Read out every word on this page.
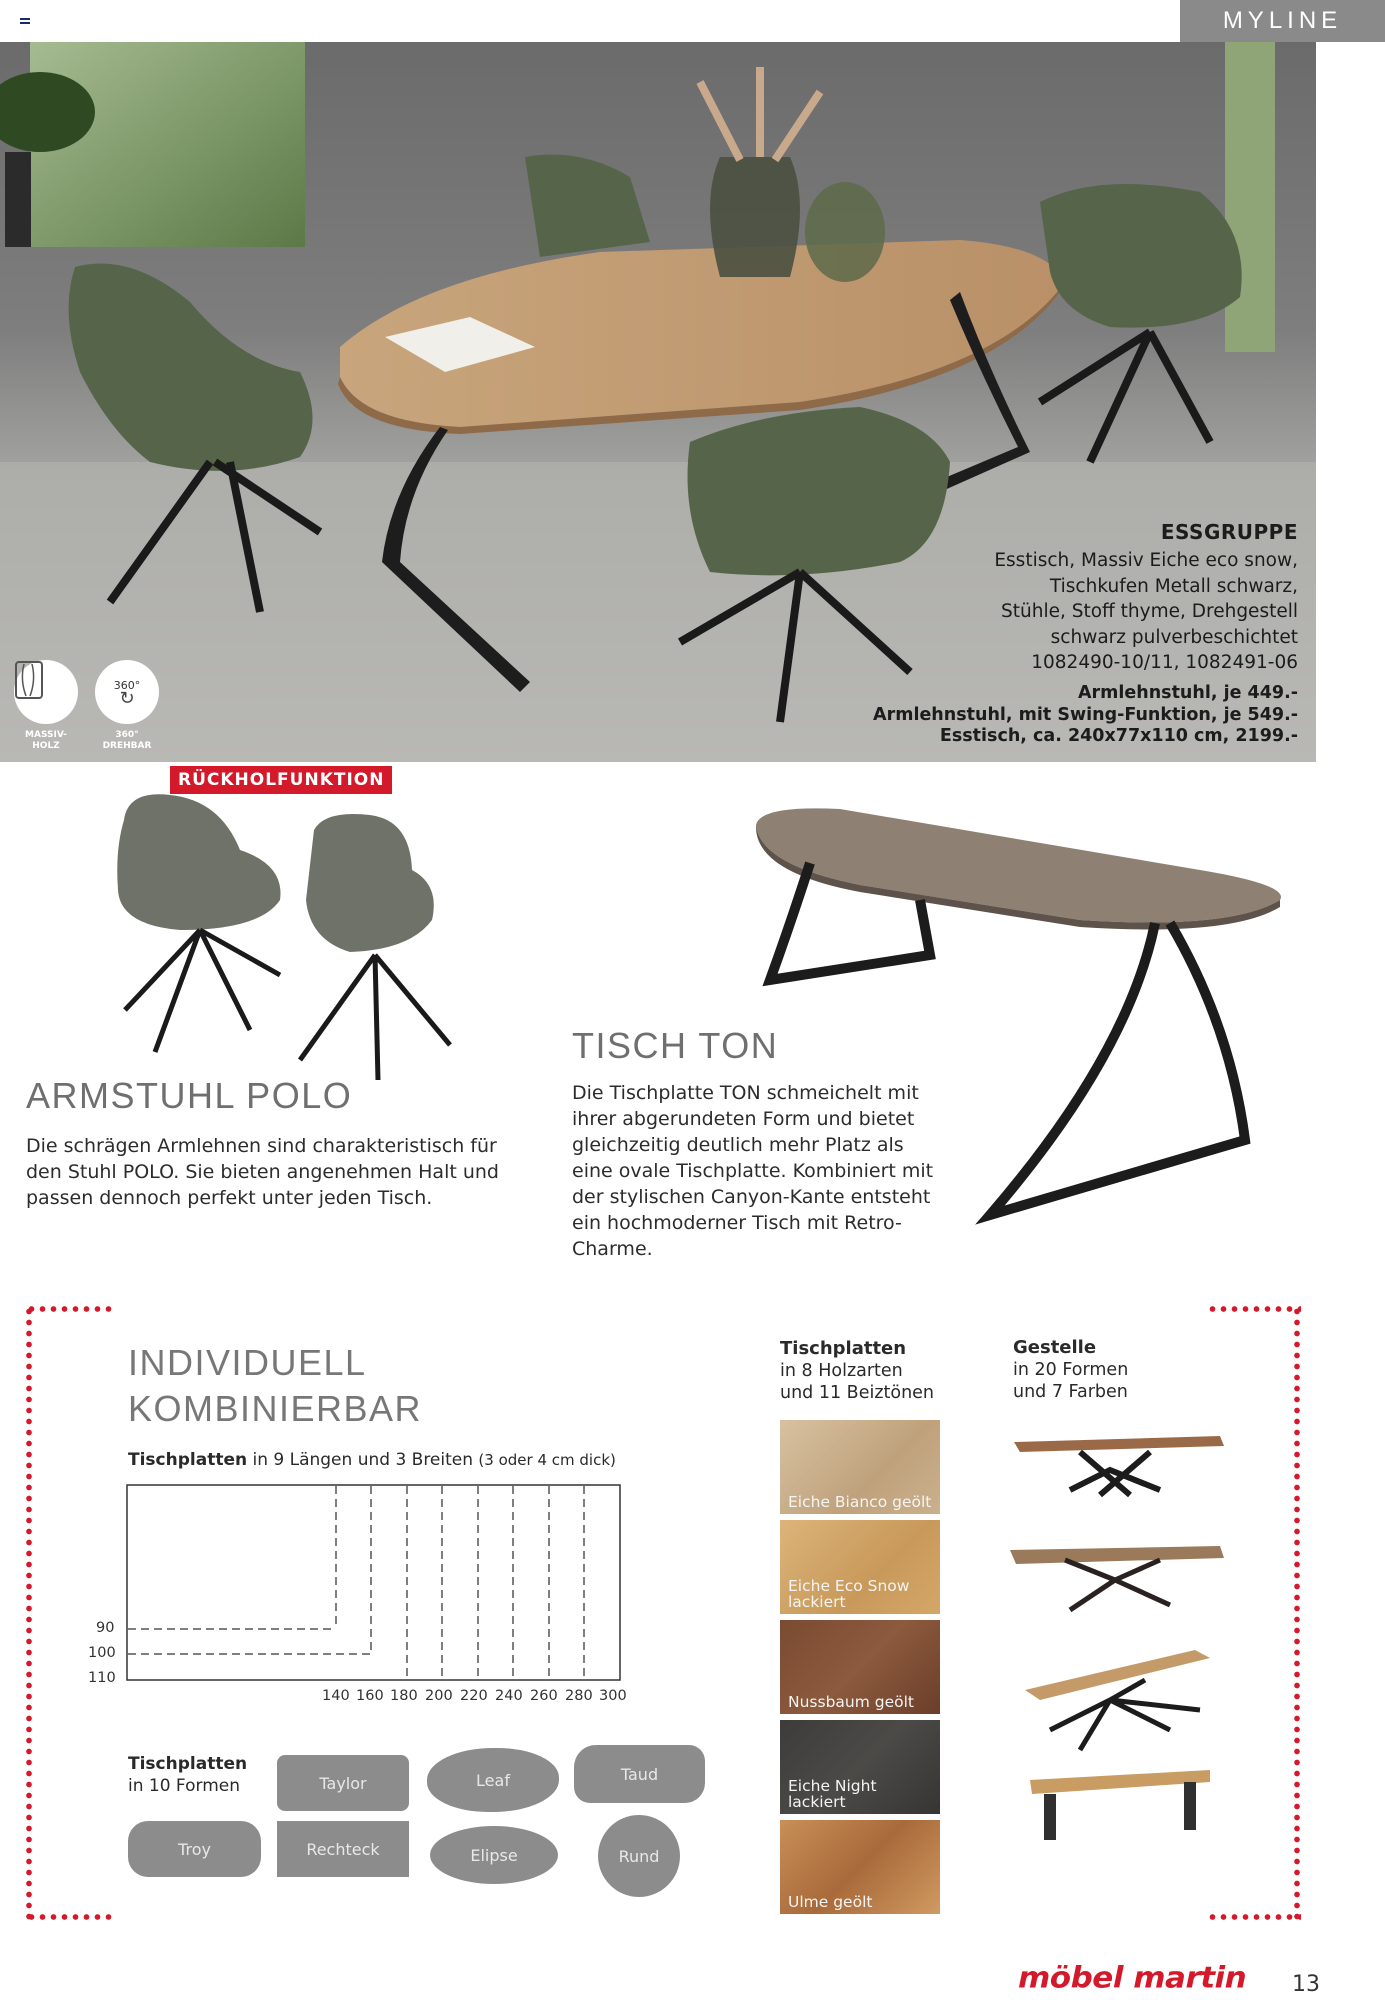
MYLINE
ESSGRUPPE
Esstisch, Massiv Eiche eco snow,
Tischkufen Metall schwarz,
Stühle, Stoff thyme, Drehgestell
schwarz pulverbeschichtet
1082490-10/11, 1082491-06
Armlehnstuhl, je 449.-
Armlehnstuhl, mit Swing-Funktion, je 549.-
Esstisch, ca. 240x77x110 cm, 2199.-
MASSIV-
HOLZ
360°
↻
360°
DREHBAR
RÜCKHOLFUNKTION
ARMSTUHL POLO
Die schrägen Armlehnen sind charakteristisch für den Stuhl POLO. Sie bieten angenehmen Halt und passen dennoch perfekt unter jeden Tisch.
TISCH TON
Die Tischplatte TON schmeichelt mit ihrer abgerundeten Form und bietet gleichzeitig deutlich mehr Platz als eine ovale Tischplatte. Kombiniert mit der stylischen Canyon-Kante entsteht ein hochmoderner Tisch mit Retro-Charme.
INDIVIDUELL
KOMBINIERBAR
Tischplatten in 9 Längen und 3 Breiten (3 oder 4 cm dick)
90
100
110
140 160 180 200 220 240 260 280 300
Tischplatten
in 10 Formen	Taylor	Leaf	Taud
Troy	Rechteck	Elipse	Rund
Tischplatten
in 8 Holzarten
und 11 Beiztönen
Eiche Bianco geölt
Eiche Eco Snow
lackiert
Nussbaum geölt
Eiche Night
lackiert
Ulme geölt
Gestelle
in 20 Formen
und 7 Farben
möbel martin 13
